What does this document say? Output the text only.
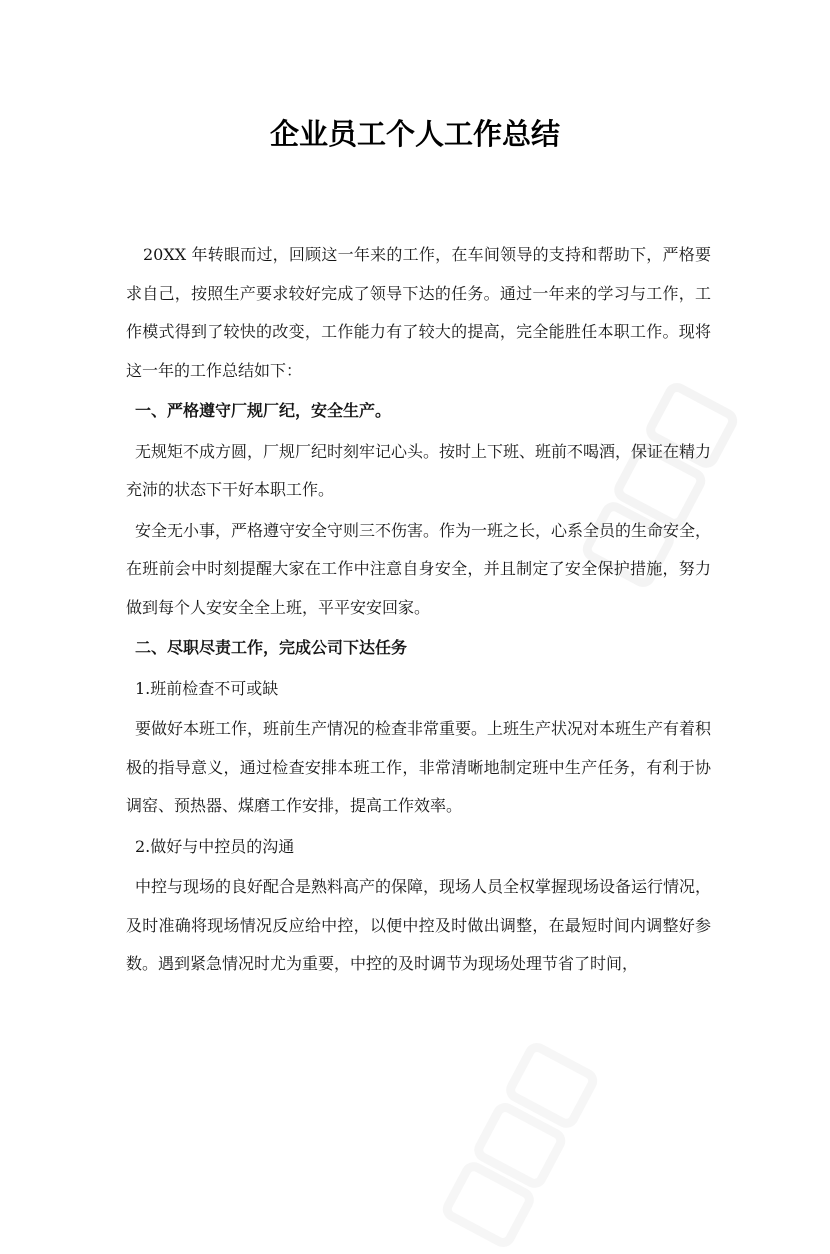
企业员工个人工作总结

20XX 年转眼而过，回顾这一年来的工作，在车间领导的支持和帮助下，严格要求自己，按照生产要求较好完成了领导下达的任务。通过一年来的学习与工作，工作模式得到了较快的改变，工作能力有了较大的提高，完全能胜任本职工作。现将这一年的工作总结如下：

一、严格遵守厂规厂纪，安全生产。

无规矩不成方圆，厂规厂纪时刻牢记心头。按时上下班、班前不喝酒，保证在精力充沛的状态下干好本职工作。

安全无小事，严格遵守安全守则三不伤害。作为一班之长，心系全员的生命安全，在班前会中时刻提醒大家在工作中注意自身安全，并且制定了安全保护措施，努力做到每个人安安全全上班，平平安安回家。

二、尽职尽责工作，完成公司下达任务

1.班前检查不可或缺

要做好本班工作，班前生产情况的检查非常重要。上班生产状况对本班生产有着积极的指导意义，通过检查安排本班工作，非常清晰地制定班中生产任务，有利于协调窑、预热器、煤磨工作安排，提高工作效率。

2.做好与中控员的沟通

中控与现场的良好配合是熟料高产的保障，现场人员全权掌握现场设备运行情况，及时准确将现场情况反应给中控，以便中控及时做出调整，在最短时间内调整好参数。遇到紧急情况时尤为重要，中控的及时调节为现场处理节省了时间，
